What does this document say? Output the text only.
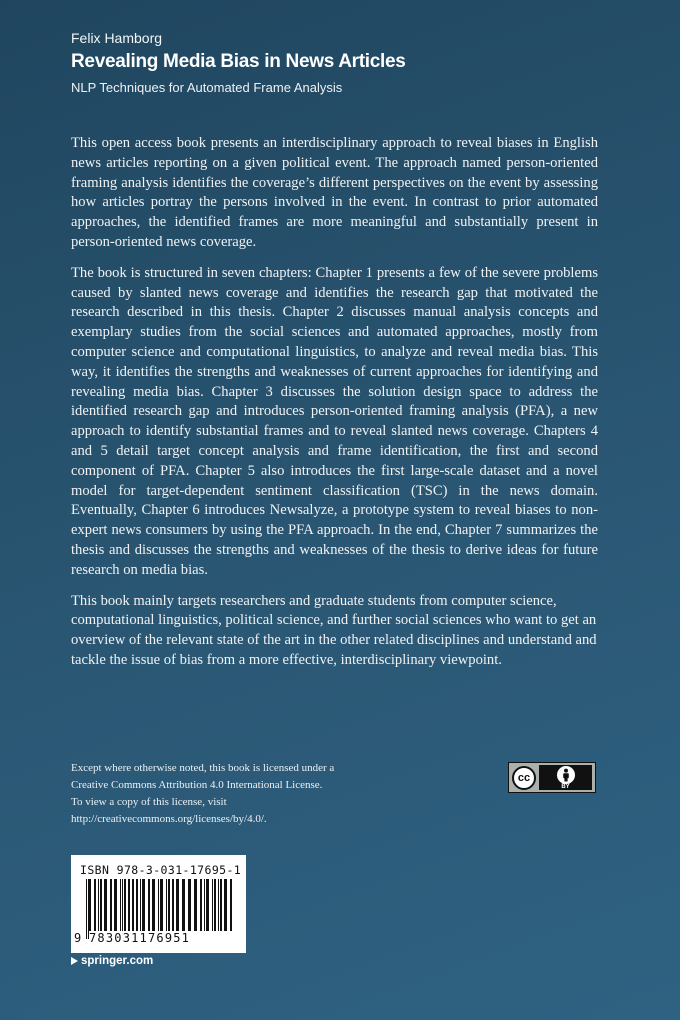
Felix Hamborg
Revealing Media Bias in News Articles
NLP Techniques for Automated Frame Analysis

This open access book presents an interdisciplinary approach to reveal biases in English news articles reporting on a given political event. The approach named person-oriented framing analysis identifies the coverage’s different perspectives on the event by assessing how articles portray the persons involved in the event. In contrast to prior automated approaches, the identified frames are more meaningful and substantially present in person-oriented news coverage.

The book is structured in seven chapters: Chapter 1 presents a few of the severe problems caused by slanted news coverage and identifies the research gap that motivated the research described in this thesis. Chapter 2 discusses manual analysis concepts and exemplary studies from the social sciences and automated approaches, mostly from computer science and computational linguistics, to analyze and reveal media bias. This way, it identifies the strengths and weaknesses of current approaches for identifying and revealing media bias. Chapter 3 discusses the solution design space to address the identified research gap and introduces person-oriented framing analysis (PFA), a new approach to identify substantial frames and to reveal slanted news coverage. Chapters 4 and 5 detail target concept analysis and frame identification, the first and second component of PFA. Chapter 5 also introduces the first large-scale dataset and a novel model for target-dependent sentiment classification (TSC) in the news domain. Eventually, Chapter 6 introduces Newsalyze, a prototype system to reveal biases to non-expert news consumers by using the PFA approach. In the end, Chapter 7 summarizes the thesis and discusses the strengths and weaknesses of the thesis to derive ideas for future research on media bias.

This book mainly targets researchers and graduate students from computer science, computational linguistics, political science, and further social sciences who want to get an overview of the relevant state of the art in the other related disciplines and understand and tackle the issue of bias from a more effective, interdisciplinary viewpoint.

Except where otherwise noted, this book is licensed under a
Creative Commons Attribution 4.0 International License.
To view a copy of this license, visit
http://creativecommons.org/licenses/by/4.0/.
cc
BY
ISBN 978-3-031-17695-1
9 783031176951
springer.com
